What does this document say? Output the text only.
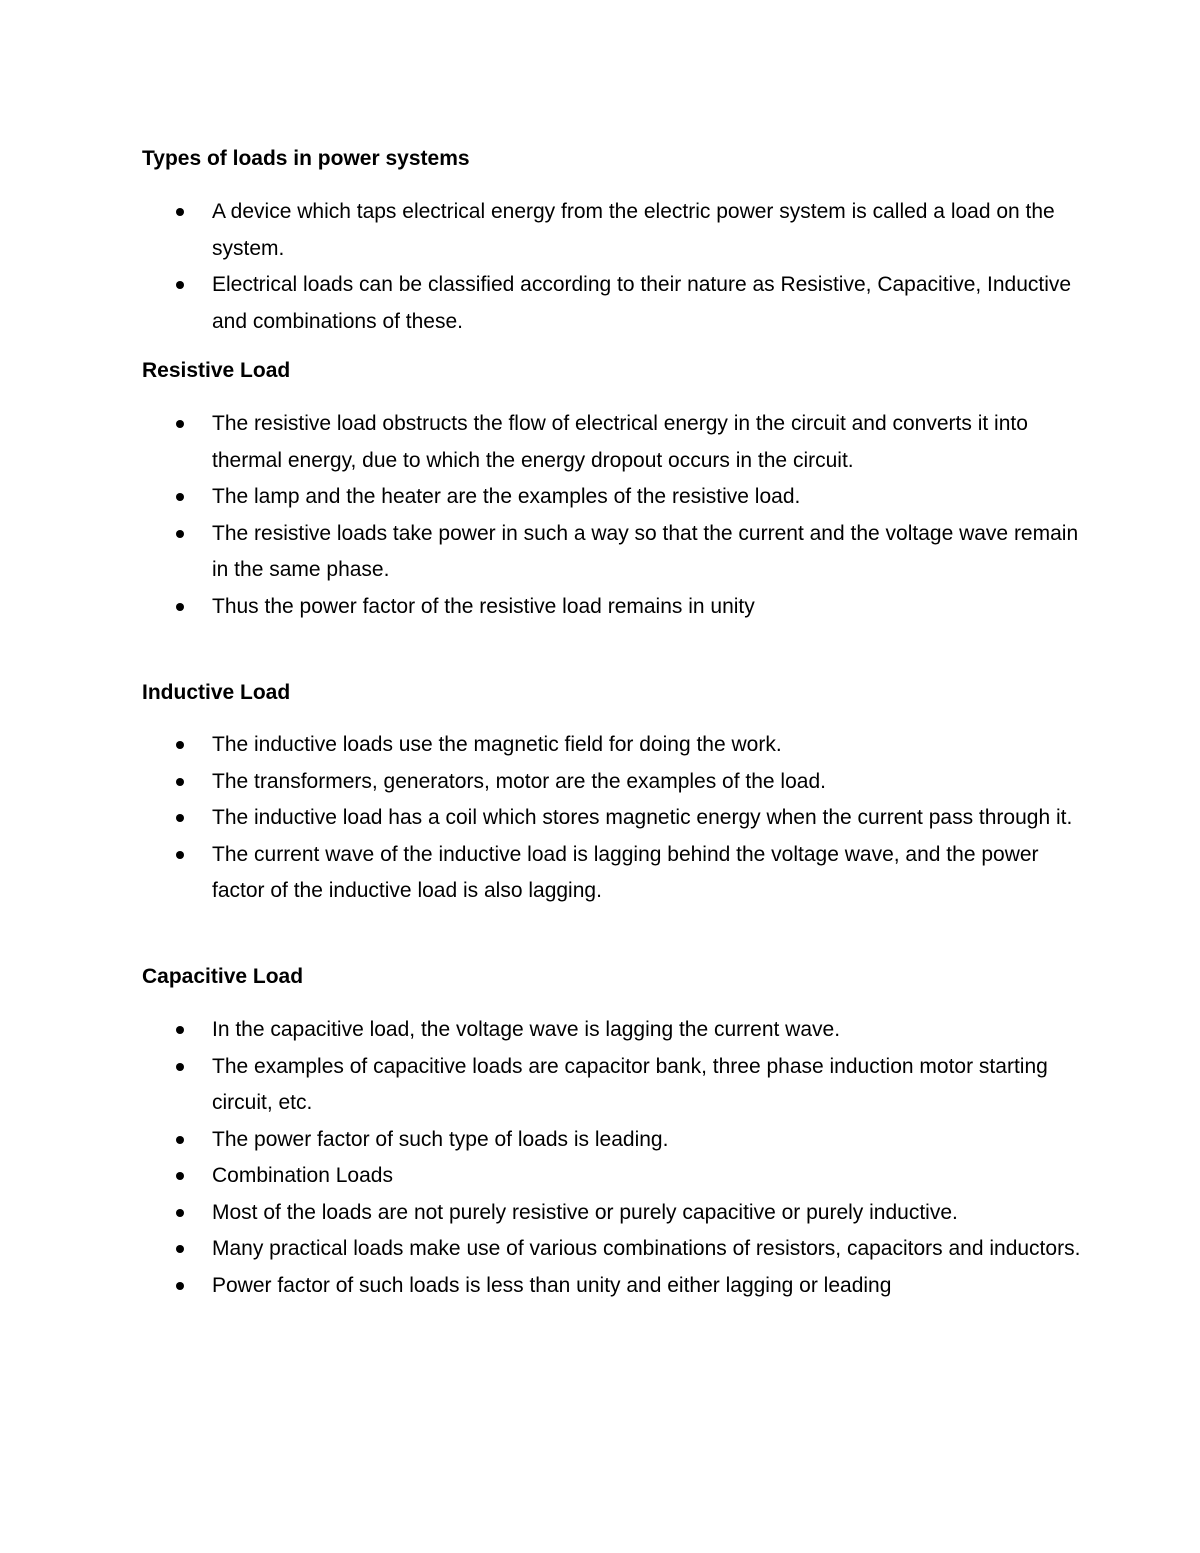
Types of loads in power systems
A device which taps electrical energy from the electric power system is called a load on the system.
Electrical loads can be classified according to their nature as Resistive, Capacitive, Inductive and combinations of these.
Resistive Load
The resistive load obstructs the flow of electrical energy in the circuit and converts it into thermal energy, due to which the energy dropout occurs in the circuit.
The lamp and the heater are the examples of the resistive load.
The resistive loads take power in such a way so that the current and the voltage wave remain in the same phase.
Thus the power factor of the resistive load remains in unity
Inductive Load
The inductive loads use the magnetic field for doing the work.
The transformers, generators, motor are the examples of the load.
The inductive load has a coil which stores magnetic energy when the current pass through it.
The current wave of the inductive load is lagging behind the voltage wave, and the power factor of the inductive load is also lagging.
Capacitive Load
In the capacitive load, the voltage wave is lagging the current wave.
The examples of capacitive loads are capacitor bank, three phase induction motor starting circuit, etc.
The power factor of such type of loads is leading.
Combination Loads
Most of the loads are not purely resistive or purely capacitive or purely inductive.
Many practical loads make use of various combinations of resistors, capacitors and inductors.
Power factor of such loads is less than unity and either lagging or leading
